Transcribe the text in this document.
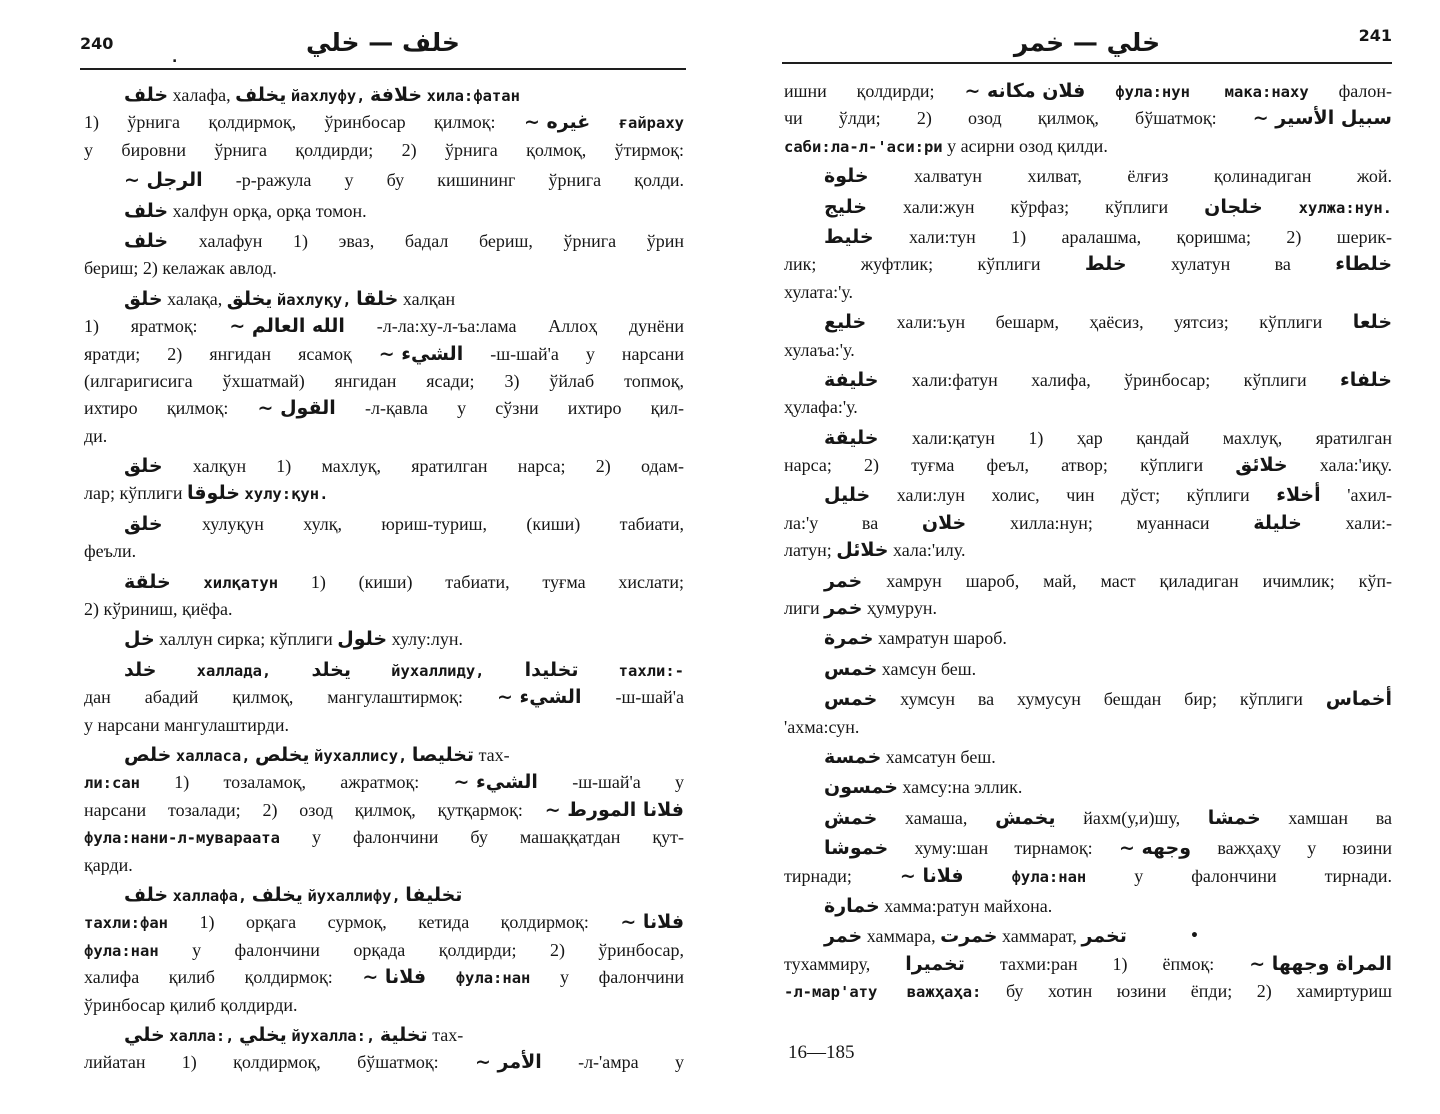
240	خلف — خلي
.
خلف халафа, يخلف йахлуфу, خلافة хила:фатан
1) ўрнига қолдирмоқ, ўринбосар қилмоқ: غيره ~ ғайраху
у бировни ўрнига қолдирди; 2) ўрнига қолмоқ, ўтирмоқ:
الرجل ~ -р-ражула у бу кишининг ўрнига қолди.
خلف халфун орқа, орқа томон.
خلف халафун 1) эваз, бадал бериш, ўрнига ўрин
бериш; 2) келажак авлод.
خلق халақа, يخلق йахлуқу, خلقا халқан
1) яратмоқ: الله العالم ~ -л-ла:ху-л-ъа:лама Аллоҳ дунёни
яратди; 2) янгидан ясамоқ الشيء ~ -ш-шай'а у нарсани
(илгаригисига ўхшатмай) янгидан ясади; 3) ўйлаб топмоқ,
ихтиро қилмоқ: القول ~ -л-қавла у сўзни ихтиро қил-
ди.
خلق халқун 1) махлуқ, яратилган нарса; 2) одам-
лар; кўплиги خلوقا хулу:қун.
خلق хулуқун хулқ, юриш-туриш, (киши) табиати,
феъли.
خلقة хилқатун 1) (киши) табиати, туғма хислати;
2) кўриниш, қиёфа.
خل халлун сирка; кўплиги خلول хулу:лун.
خلد	халлада, يخلد	йухаллиду, تخليدا	тахли:-
дан абадий қилмоқ, мангулаштирмоқ: الشيء ~ -ш-шай'а
у нарсани мангулаштирди.
خلص халласа, يخلص йухаллису, تخليصا тах-
ли:сан 1) тозаламоқ, ажратмоқ: الشيء ~ -ш-шай'а у
нарсани тозалади; 2) озод қилмоқ, қутқармоқ: فلانا المورط ~
фула:нани-л-мувараата у фалончини бу машаққатдан қут-
қарди.
خلف халлафа, يخلف йухаллифу, تخليفا
тахли:фан 1) орқага сурмоқ, кетида қолдирмоқ: فلانا ~
фула:нан у фалончини орқада қолдирди; 2) ўринбосар,
халифа қилиб қолдирмоқ: فلانا ~ фула:нан у фалончини
ўринбосар қилиб қолдирди.
خلي халла:, يخلي йухалла:, تخلية тах-
лийатан 1) қолдирмоқ, бўшатмоқ: الأمر ~ -л-'амра у
241
خلي — خمر
•
ишни қолдирди; فلان مكانه ~ фула:нун мака:наху фалон-
чи ўлди; 2) озод қилмоқ, бўшатмоқ: سبيل الأسير ~
саби:ла-л-'аси:ри у асирни озод қилди.
خلوة	халватун хилват, ёлғиз қолинадиган жой.
خليج хали:жун кўрфаз; кўплиги خلجان хулжа:нун.
خليط хали:тун 1) аралашма, қоришма; 2) шерик-
лик; жуфтлик; кўплиги خلط хулатун ва خلطاء
хулата:'у.
خليع хали:ъун бешарм, ҳаёсиз, уятсиз; кўплиги خلعا
хулаъа:'у.
خليفة хали:фатун халифа, ўринбосар; кўплиги خلفاء
ҳулафа:'у.
خليقة хали:қатун 1) ҳар қандай махлуқ, яратилган
нарса; 2) туғма феъл, атвор; кўплиги خلائق хала:'иқу.
خليل хали:лун холис, чин дўст; кўплиги أخلاء 'ахил-
ла:'у ва خلان хилла:нун; муаннаси خليلة хали:-
латун; خلائل хала:'илу.
خمر хамрун шароб, май, маст қиладиган ичимлик; кўп-
лиги خمر ҳумурун.
خمرة хамратун шароб.
خمس хамсун беш.
خمس хумсун ва хумусун бешдан бир; кўплиги أخماس
'ахма:сун.
خمسة хамсатун беш.
خمسون хамсу:на эллик.
خمش хамаша, يخمش йахм(у,и)шу, خمشا хамшан ва
خموشا хуму:шан тирнамоқ: وجهه ~ важҳаҳу у юзини
тирнади;	فلانا ~	фула:нан	у фалончини тирнади.
خمارة хамма:ратун майхона.
خمر хаммара, خمرت хаммарат, تخمر
тухаммиру, تخميرا тахми:ран 1) ёпмоқ: المراة وجهها ~
-л-мар'ату важҳаҳа: бу хотин юзини ёпди; 2) хамиртуриш
16—185
